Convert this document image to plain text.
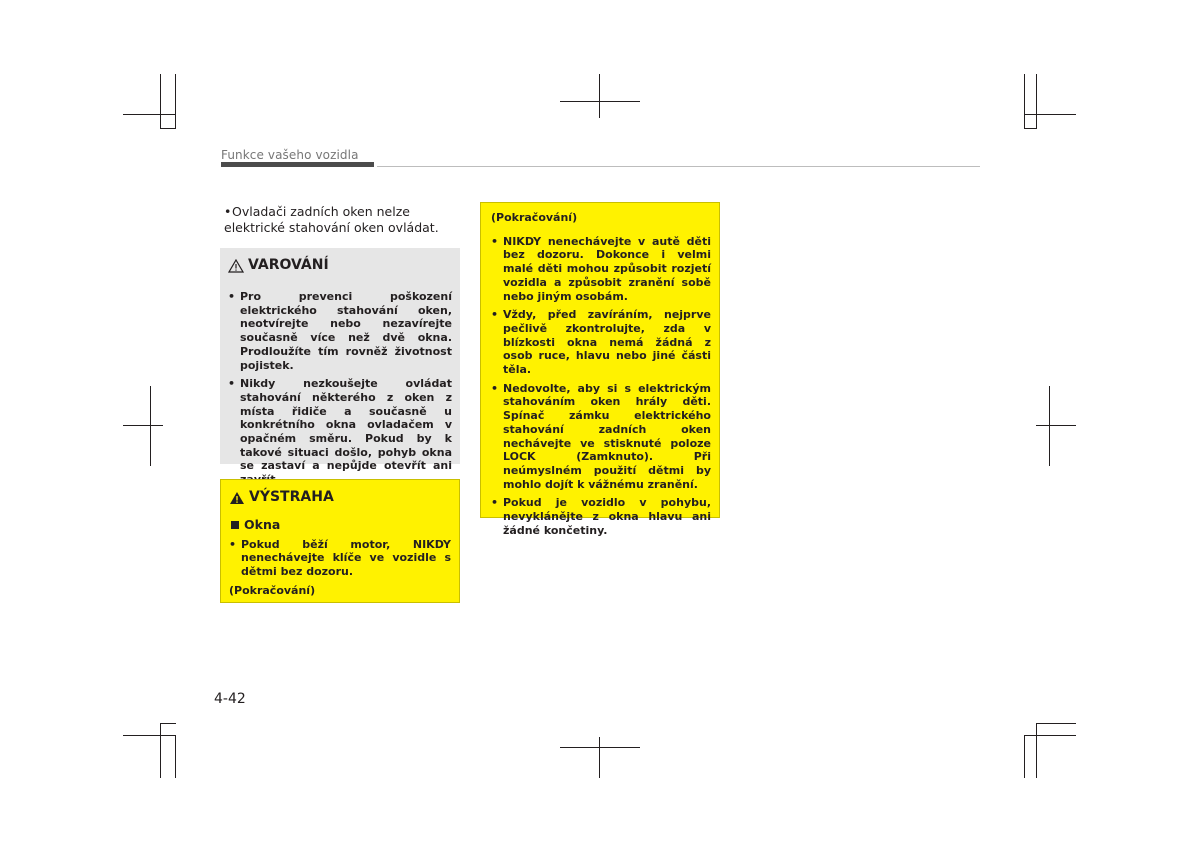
Funkce vašeho vozidla
•Ovladači zadních oken nelze elektrické stahování oken ovládat.
VAROVÁNÍ
• Pro prevenci poškození elektrického stahování oken, neotvírejte nebo nezavírejte současně více než dvě okna. Prodloužíte tím rovněž životnost pojistek.
• Nikdy nezkoušejte ovládat stahování některého z oken z místa řidiče a současně u konkrétního okna ovladačem v opačném směru. Pokud by k takové situaci došlo, pohyb okna se zastaví a nepůjde otevřít ani
VÝSTRAHA
Okna
• Pokud běží motor, NIKDY nenechávejte klíče ve vozidle s dětmi bez dozoru.
(Pokračování)
(Pokračování)
• NIKDY nenechávejte v autě děti bez dozoru. Dokonce i velmi malé děti mohou způsobit rozjetí vozidla a způsobit zranění sobě nebo jiným osobám.
• Vždy, před zavíráním, nejprve pečlivě zkontrolujte, zda v blízkosti okna nemá žádná z osob ruce, hlavu nebo jiné části těla.
• Nedovolte, aby si s elektrickým stahováním oken hrály děti. Spínač zámku elektrického stahování zadních oken nechávejte ve stisknuté poloze LOCK (Zamknuto). Při neúmyslném použití dětmi by mohlo dojít k vážnému zranění.
• Pokud je vozidlo v pohybu, nevyklánějte z okna hlavu ani žádné končetiny.
4-42
